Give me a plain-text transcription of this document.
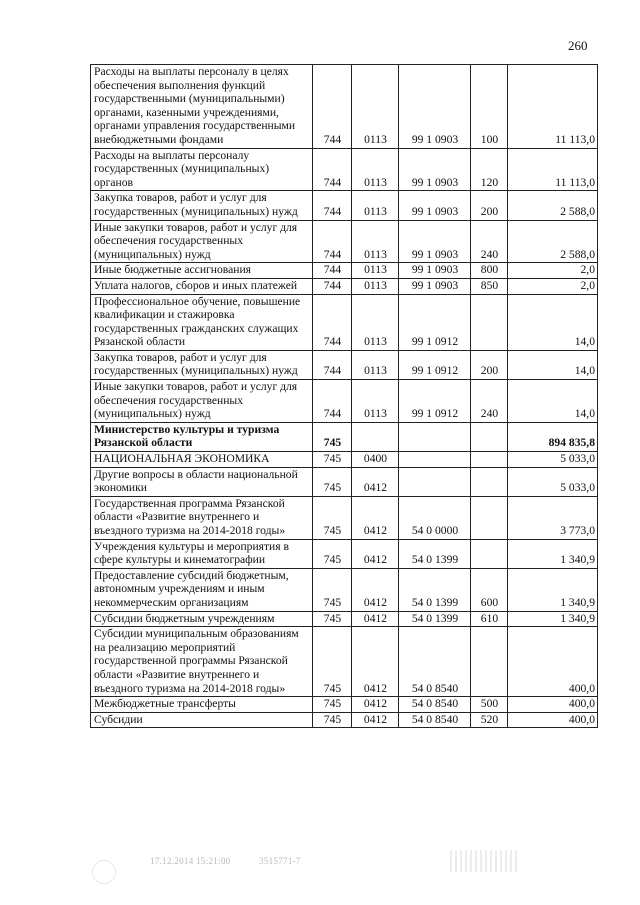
260
Расходы на выплаты персоналу в целях обеспечения выполнения функций государственными (муниципальными) органами, казенными учреждениями, органами управления государственными внебюджетными фондами	744	0113	99 1 0903	100	11 113,0
Расходы на выплаты персоналу государственных (муниципальных) органов	744	0113	99 1 0903	120	11 113,0
Закупка товаров, работ и услуг для государственных (муниципальных) нужд	744	0113	99 1 0903	200	2 588,0
Иные закупки товаров, работ и услуг для обеспечения государственных (муниципальных) нужд	744	0113	99 1 0903	240	2 588,0
Иные бюджетные ассигнования	744	0113	99 1 0903	800	2,0
Уплата налогов, сборов и иных платежей	744	0113	99 1 0903	850	2,0
Профессиональное обучение, повышение квалификации и стажировка государственных гражданских служащих Рязанской области	744	0113	99 1 0912		14,0
Закупка товаров, работ и услуг для государственных (муниципальных) нужд	744	0113	99 1 0912	200	14,0
Иные закупки товаров, работ и услуг для обеспечения государственных (муниципальных) нужд	744	0113	99 1 0912	240	14,0
Министерство культуры и туризма Рязанской области	745				894 835,8
НАЦИОНАЛЬНАЯ ЭКОНОМИКА	745	0400			5 033,0
Другие вопросы в области национальной экономики	745	0412			5 033,0
Государственная программа Рязанской области «Развитие внутреннего и въездного туризма на 2014-2018 годы»	745	0412	54 0 0000		3 773,0
Учреждения культуры и мероприятия в сфере культуры и кинематографии	745	0412	54 0 1399		1 340,9
Предоставление субсидий бюджетным, автономным учреждениям и иным некоммерческим организациям	745	0412	54 0 1399	600	1 340,9
Субсидии бюджетным учреждениям	745	0412	54 0 1399	610	1 340,9
Субсидии муниципальным образованиям на реализацию мероприятий государственной программы Рязанской области «Развитие внутреннего и въездного туризма на 2014-2018 годы»	745	0412	54 0 8540		400,0
Межбюджетные трансферты	745	0412	54 0 8540	500	400,0
Субсидии	745	0412	54 0 8540	520	400,0
17.12.2014 15:21:00	3515771-7
